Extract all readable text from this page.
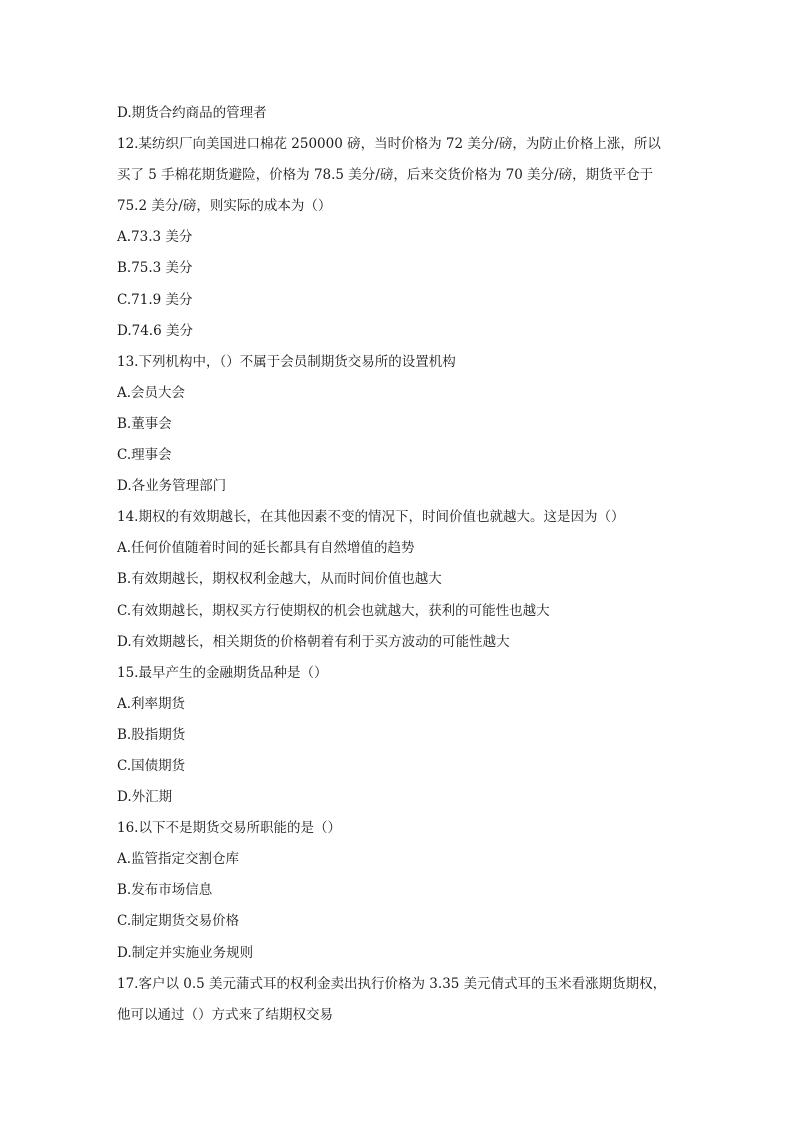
D.期货合约商品的管理者
12.某纺织厂向美国进口棉花 250000 磅，当时价格为 72 美分/磅，为防止价格上涨，所以
买了 5 手棉花期货避险，价格为 78.5 美分/磅，后来交货价格为 70 美分/磅，期货平仓于
75.2 美分/磅，则实际的成本为（）
A.73.3 美分
B.75.3 美分
C.71.9 美分
D.74.6 美分
13.下列机构中，（）不属于会员制期货交易所的设置机构
A.会员大会
B.董事会
C.理事会
D.各业务管理部门
14.期权的有效期越长，在其他因素不变的情况下，时间价值也就越大。这是因为（）
A.任何价值随着时间的延长都具有自然增值的趋势
B.有效期越长，期权权利金越大，从而时间价值也越大
C.有效期越长，期权买方行使期权的机会也就越大，获利的可能性也越大
D.有效期越长，相关期货的价格朝着有利于买方波动的可能性越大
15.最早产生的金融期货品种是（）
A.利率期货
B.股指期货
C.国债期货
D.外汇期
16.以下不是期货交易所职能的是（）
A.监管指定交割仓库
B.发布市场信息
C.制定期货交易价格
D.制定并实施业务规则
17.客户以 0.5 美元蒲式耳的权利金卖出执行价格为 3.35 美元倩式耳的玉米看涨期货期权，
他可以通过（）方式来了结期权交易
